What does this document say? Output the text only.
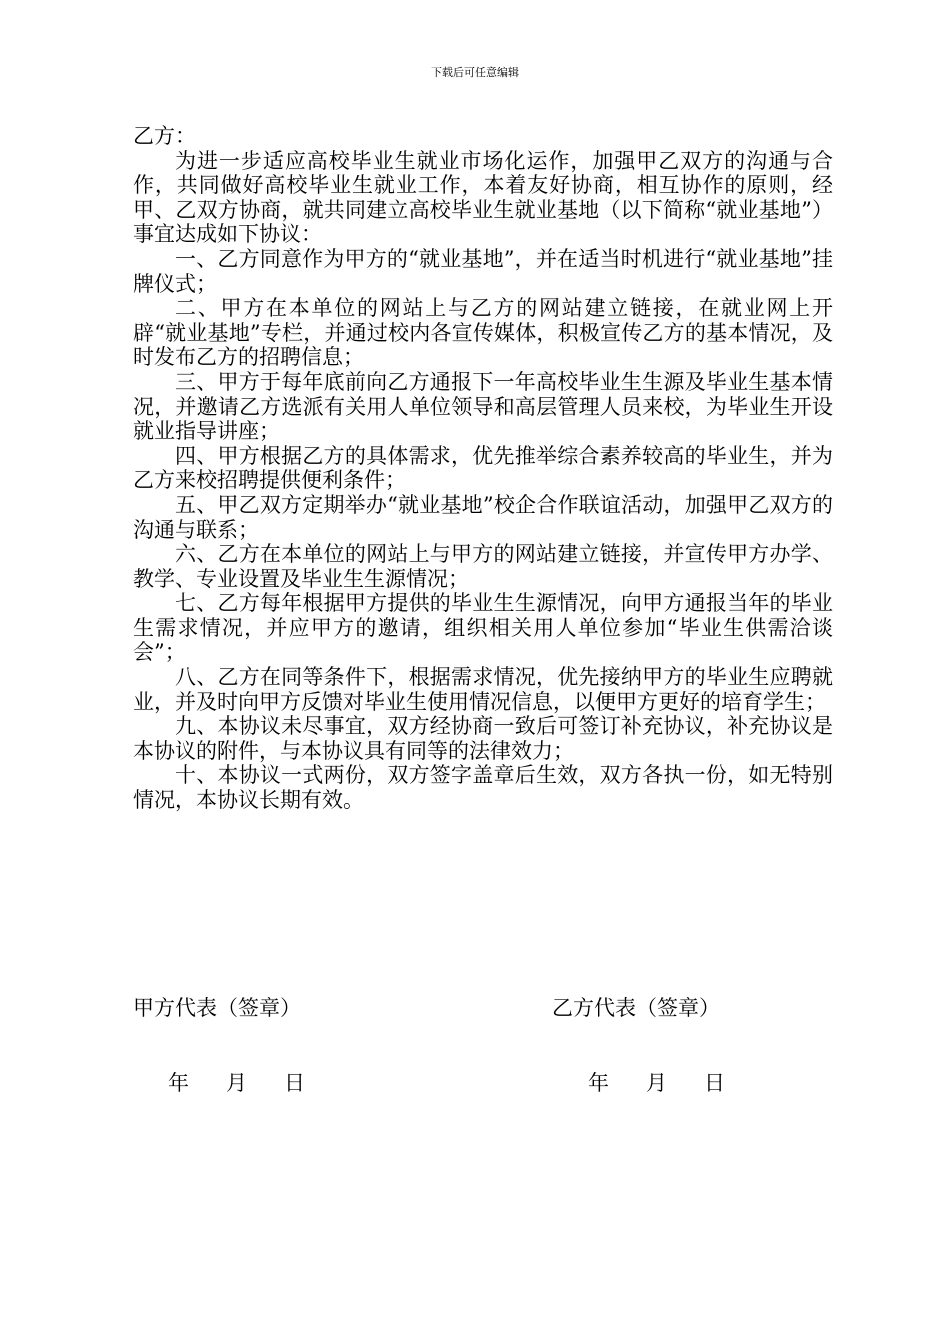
下载后可任意编辑

乙方：

为进一步适应高校毕业生就业市场化运作，加强甲乙双方的沟通与合作，共同做好高校毕业生就业工作，本着友好协商，相互协作的原则，经甲、乙双方协商，就共同建立高校毕业生就业基地（以下简称“就业基地”）事宜达成如下协议：

一、乙方同意作为甲方的“就业基地”，并在适当时机进行“就业基地”挂牌仪式；

二、甲方在本单位的网站上与乙方的网站建立链接，在就业网上开辟“就业基地”专栏，并通过校内各宣传媒体，积极宣传乙方的基本情况，及时发布乙方的招聘信息；

三、甲方于每年底前向乙方通报下一年高校毕业生生源及毕业生基本情况，并邀请乙方选派有关用人单位领导和高层管理人员来校，为毕业生开设就业指导讲座；

四、甲方根据乙方的具体需求，优先推举综合素养较高的毕业生，并为乙方来校招聘提供便利条件；

五、甲乙双方定期举办“就业基地”校企合作联谊活动，加强甲乙双方的沟通与联系；

六、乙方在本单位的网站上与甲方的网站建立链接，并宣传甲方办学、教学、专业设置及毕业生生源情况；

七、乙方每年根据甲方提供的毕业生生源情况，向甲方通报当年的毕业生需求情况，并应甲方的邀请，组织相关用人单位参加“毕业生供需洽谈会”；

八、乙方在同等条件下，根据需求情况，优先接纳甲方的毕业生应聘就业，并及时向甲方反馈对毕业生使用情况信息，以便甲方更好的培育学生；

九、本协议未尽事宜，双方经协商一致后可签订补充协议，补充协议是本协议的附件，与本协议具有同等的法律效力；

十、本协议一式两份，双方签字盖章后生效，双方各执一份，如无特别情况，本协议长期有效。

甲方代表（签章）	乙方代表（签章）
年 月 日	年 月 日
